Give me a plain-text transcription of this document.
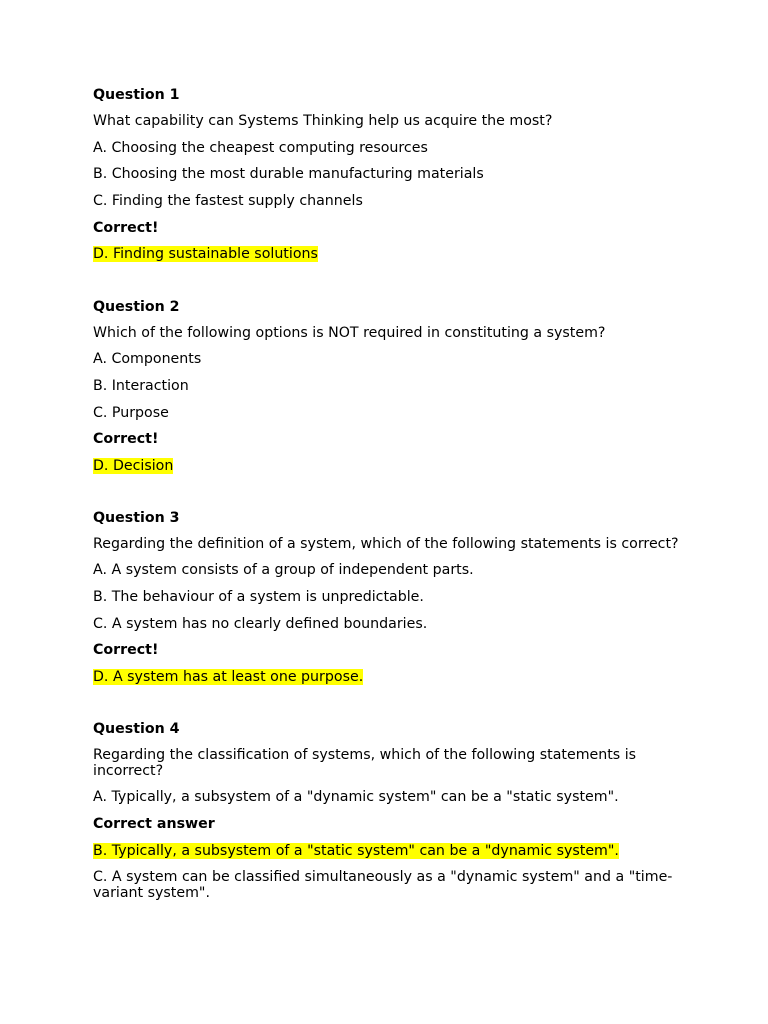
Question 1
What capability can Systems Thinking help us acquire the most?
A. Choosing the cheapest computing resources
B. Choosing the most durable manufacturing materials
C. Finding the fastest supply channels
Correct!
D. Finding sustainable solutions
Question 2
Which of the following options is NOT required in constituting a system?
A. Components
B. Interaction
C. Purpose
Correct!
D. Decision
Question 3
Regarding the definition of a system, which of the following statements is correct?
A. A system consists of a group of independent parts.
B. The behaviour of a system is unpredictable.
C. A system has no clearly defined boundaries.
Correct!
D. A system has at least one purpose.
Question 4
Regarding the classification of systems, which of the following statements is incorrect?
A. Typically, a subsystem of a "dynamic system" can be a "static system".
Correct answer
B. Typically, a subsystem of a "static system" can be a "dynamic system".
C. A system can be classified simultaneously as a "dynamic system" and a "time-variant system".
